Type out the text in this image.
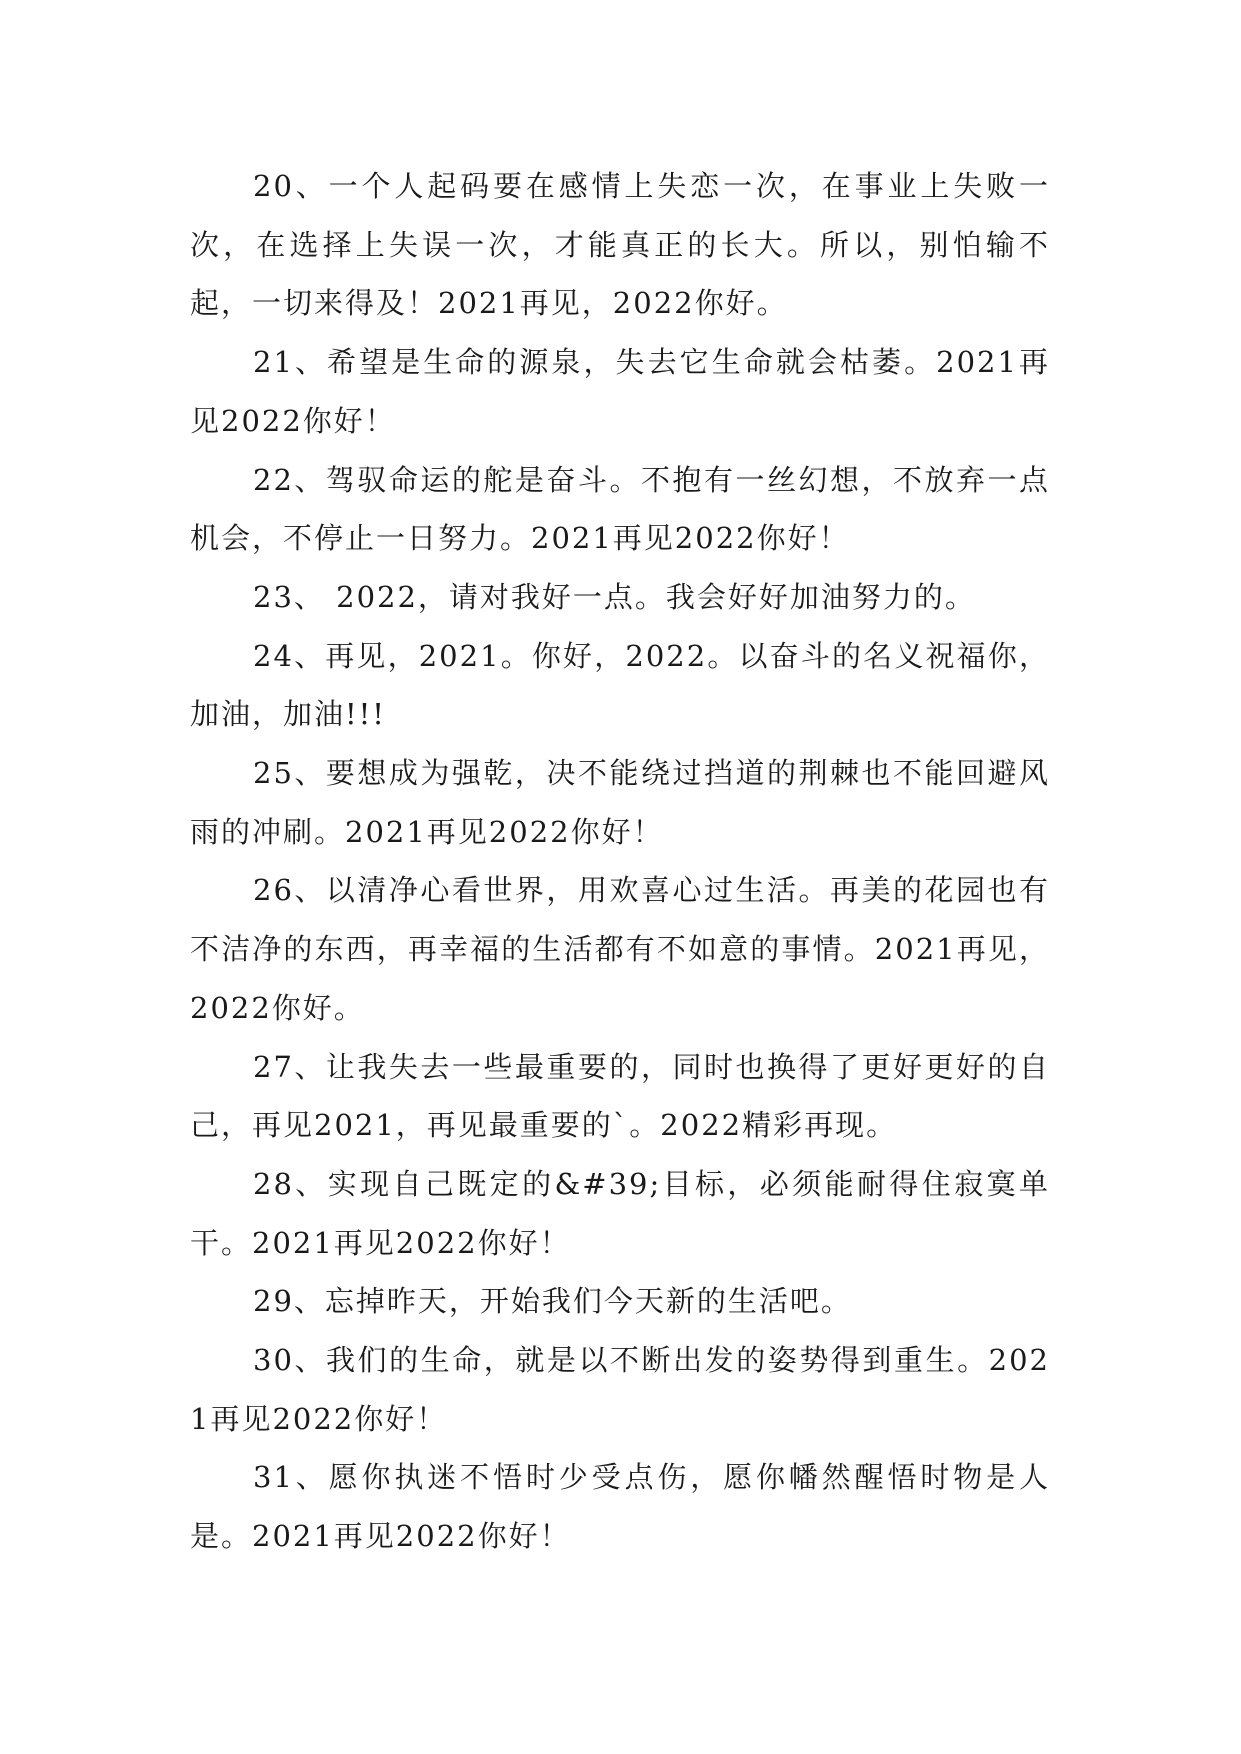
20、一个人起码要在感情上失恋一次，在事业上失败一次，在选择上失误一次，才能真正的长大。所以，别怕输不起，一切来得及！2021再见，2022你好。

21、希望是生命的源泉，失去它生命就会枯萎。2021再见2022你好！

22、驾驭命运的舵是奋斗。不抱有一丝幻想，不放弃一点机会，不停止一日努力。2021再见2022你好！

23、 2022，请对我好一点。我会好好加油努力的。

24、再见，2021。你好，2022。以奋斗的名义祝福你，加油，加油!!!

25、要想成为强乾，决不能绕过挡道的荆棘也不能回避风雨的冲刷。2021再见2022你好！

26、以清净心看世界，用欢喜心过生活。再美的花园也有不洁净的东西，再幸福的生活都有不如意的事情。2021再见，2022你好。

27、让我失去一些最重要的，同时也换得了更好更好的自己，再见2021，再见最重要的`。2022精彩再现。

28、实现自己既定的&#39;目标，必须能耐得住寂寞单干。2021再见2022你好！

29、忘掉昨天，开始我们今天新的生活吧。

30、我们的生命，就是以不断出发的姿势得到重生。2021再见2022你好！

31、愿你执迷不悟时少受点伤，愿你幡然醒悟时物是人是。2021再见2022你好！
